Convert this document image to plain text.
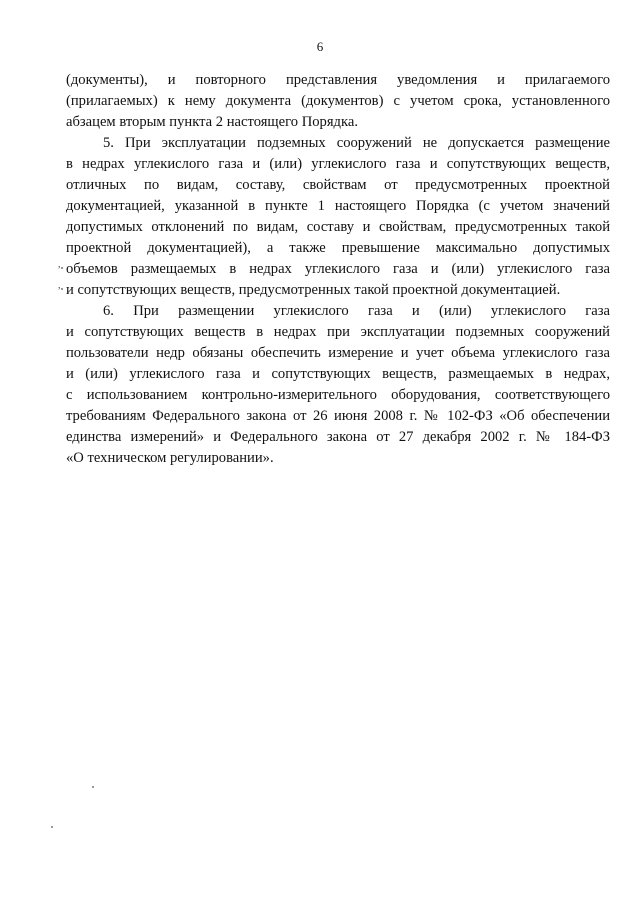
6
,
,
(документы), и повторного представления уведомления и прилагаемого
(прилагаемых) к нему документа (документов) с учетом срока, установленного
абзацем вторым пункта 2 настоящего Порядка.
5. При эксплуатации подземных сооружений не допускается размещение
в недрах углекислого газа и (или) углекислого газа и сопутствующих веществ,
отличных по видам, составу, свойствам от предусмотренных проектной
документацией, указанной в пункте 1 настоящего Порядка (с учетом значений
допустимых отклонений по видам, составу и свойствам, предусмотренных такой
проектной документацией), а также превышение максимально допустимых
объемов размещаемых в недрах углекислого газа и (или) углекислого газа
и сопутствующих веществ, предусмотренных такой проектной документацией.
6. При размещении углекислого газа и (или) углекислого газа
и сопутствующих веществ в недрах при эксплуатации подземных сооружений
пользователи недр обязаны обеспечить измерение и учет объема углекислого газа
и (или) углекислого газа и сопутствующих веществ, размещаемых в недрах,
с использованием контрольно-измерительного оборудования, соответствующего
требованиям Федерального закона от 26 июня 2008 г. № 102-ФЗ «Об обеспечении
единства измерений» и Федерального закона от 27 декабря 2002 г. № 184-ФЗ
«О техническом регулировании».
